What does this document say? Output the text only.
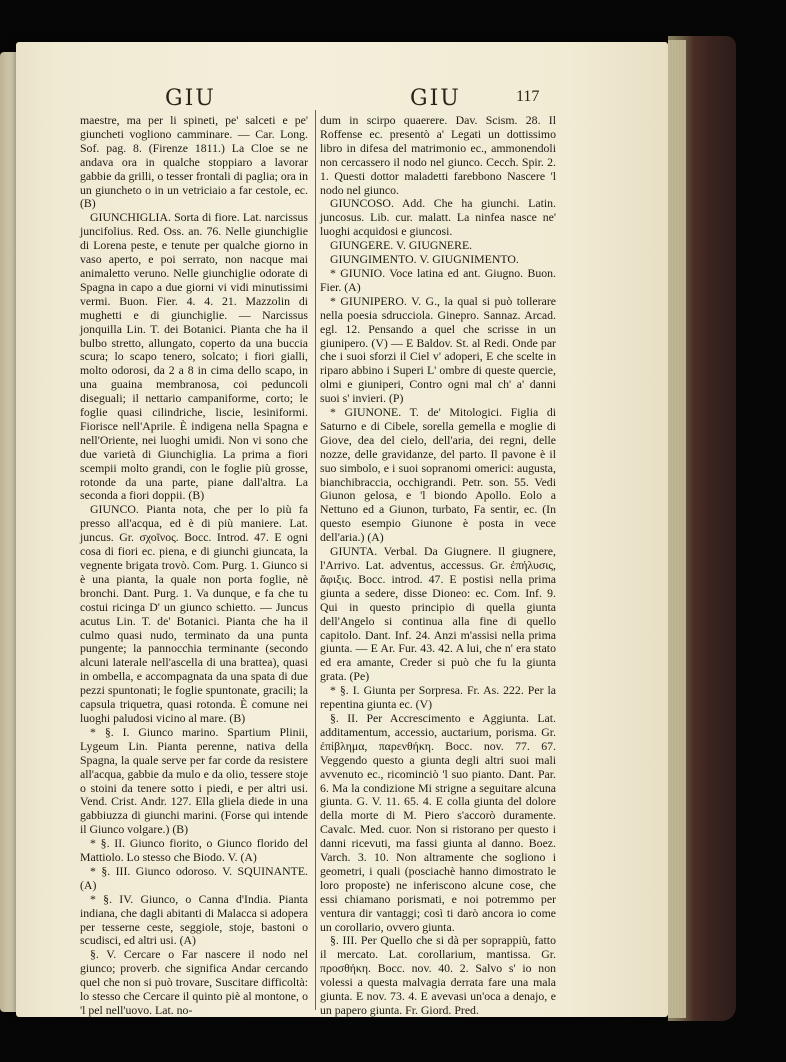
GIU	GIU	117

maestre, ma per li spineti, pe' salceti e pe' giuncheti vogliono camminare. — Car. Long. Sof. pag. 8. (Firenze 1811.) La Cloe se ne andava ora in qualche stoppiaro a lavorar gabbie da grilli, o tesser frontali di paglia; ora in un giuncheto o in un vetriciaio a far cestole, ec. (B)

GIUNCHIGLIA. Sorta di fiore. Lat. narcissus juncifolius. Red. Oss. an. 76. Nelle giunchiglie di Lorena peste, e tenute per qualche giorno in vaso aperto, e poi serrato, non nacque mai animaletto veruno. Nelle giunchiglie odorate di Spagna in capo a due giorni vi vidi minutissimi vermi. Buon. Fier. 4. 4. 21. Mazzolin di mughetti e di giunchiglie. — Narcissus jonquilla Lin. T. dei Botanici. Pianta che ha il bulbo stretto, allungato, coperto da una buccia scura; lo scapo tenero, solcato; i fiori gialli, molto odorosi, da 2 a 8 in cima dello scapo, in una guaina membranosa, coi peduncoli diseguali; il nettario campaniforme, corto; le foglie quasi cilindriche, liscie, lesiniformi. Fiorisce nell'Aprile. È indigena nella Spagna e nell'Oriente, nei luoghi umidi. Non vi sono che due varietà di Giunchiglia. La prima a fiori scempii molto grandi, con le foglie più grosse, rotonde da una parte, piane dall'altra. La seconda a fiori doppii. (B)

GIUNCO. Pianta nota, che per lo più fa presso all'acqua, ed è di più maniere. Lat. juncus. Gr. σχοῖνος. Bocc. Introd. 47. E ogni cosa di fiori ec. piena, e di giunchi giuncata, la vegnente brigata trovò. Com. Purg. 1. Giunco si è una pianta, la quale non porta foglie, nè bronchi. Dant. Purg. 1. Va dunque, e fa che tu costui ricinga D' un giunco schietto. — Juncus acutus Lin. T. de' Botanici. Pianta che ha il culmo quasi nudo, terminato da una punta pungente; la pannocchia terminante (secondo alcuni laterale nell'ascella di una brattea), quasi in ombella, e accompagnata da una spata di due pezzi spuntonati; le foglie spuntonate, gracili; la capsula triquetra, quasi rotonda. È comune nei luoghi paludosi vicino al mare. (B)

* §. I. Giunco marino. Spartium Plinii, Lygeum Lin. Pianta perenne, nativa della Spagna, la quale serve per far corde da resistere all'acqua, gabbie da mulo e da olio, tessere stoje o stoini da tenere sotto i piedi, e per altri usi. Vend. Crist. Andr. 127. Ella gliela diede in una gabbiuzza di giunchi marini. (Forse qui intende il Giunco volgare.) (B)

* §. II. Giunco fiorito, o Giunco florido del Mattiolo. Lo stesso che Biodo. V. (A)

* §. III. Giunco odoroso. V. SQUINANTE. (A)

* §. IV. Giunco, o Canna d'India. Pianta indiana, che dagli abitanti di Malacca si adopera per tesserne ceste, seggiole, stoje, bastoni o scudisci, ed altri usi. (A)

§. V. Cercare o Far nascere il nodo nel giunco; proverb. che significa Andar cercando quel che non si può trovare, Suscitare difficoltà: lo stesso che Cercare il quinto piè al montone, o 'l pel nell'uovo. Lat. no-

dum in scirpo quaerere. Dav. Scism. 28. Il Roffense ec. presentò a' Legati un dottissimo libro in difesa del matrimonio ec., ammonendoli non cercassero il nodo nel giunco. Cecch. Spir. 2. 1. Questi dottor maladetti farebbono Nascere 'l nodo nel giunco.

GIUNCOSO. Add. Che ha giunchi. Latin. juncosus. Lib. cur. malatt. La ninfea nasce ne' luoghi acquidosi e giuncosi.

GIUNGERE. V. GIUGNERE.

GIUNGIMENTO. V. GIUGNIMENTO.

* GIUNIO. Voce latina ed ant. Giugno. Buon. Fier. (A)

* GIUNIPERO. V. G., la qual si può tollerare nella poesia sdrucciola. Ginepro. Sannaz. Arcad. egl. 12. Pensando a quel che scrisse in un giunipero. (V) — E Baldov. St. al Redi. Onde par che i suoi sforzi il Ciel v' adoperi, E che scelte in riparo abbino i Superi L' ombre di queste quercie, olmi e giuniperi, Contro ogni mal ch' a' danni suoi s' invieri. (P)

* GIUNONE. T. de' Mitologici. Figlia di Saturno e di Cibele, sorella gemella e moglie di Giove, dea del cielo, dell'aria, dei regni, delle nozze, delle gravidanze, del parto. Il pavone è il suo simbolo, e i suoi sopranomi omerici: augusta, bianchibraccia, occhigrandi. Petr. son. 55. Vedi Giunon gelosa, e 'l biondo Apollo. Eolo a Nettuno ed a Giunon, turbato, Fa sentir, ec. (In questo esempio Giunone è posta in vece dell'aria.) (A)

GIUNTA. Verbal. Da Giugnere. Il giugnere, l'Arrivo. Lat. adventus, accessus. Gr. ἐπήλυσις, ἄφιξις. Bocc. introd. 47. E postisi nella prima giunta a sedere, disse Dioneo: ec. Com. Inf. 9. Qui in questo principio di quella giunta dell'Angelo si continua alla fine di quello capitolo. Dant. Inf. 24. Anzi m'assisi nella prima giunta. — E Ar. Fur. 43. 42. A lui, che n' era stato ed era amante, Creder si può che fu la giunta grata. (Pe)

* §. I. Giunta per Sorpresa. Fr. As. 222. Per la repentina giunta ec. (V)

§. II. Per Accrescimento e Aggiunta. Lat. additamentum, accessio, auctarium, porisma. Gr. ἐπίβλημα, παρενθήκη. Bocc. nov. 77. 67. Veggendo questo a giunta degli altri suoi mali avvenuto ec., ricominciò 'l suo pianto. Dant. Par. 6. Ma la condizione Mi strigne a seguitare alcuna giunta. G. V. 11. 65. 4. E colla giunta del dolore della morte di M. Piero s'accorò duramente. Cavalc. Med. cuor. Non si ristorano per questo i danni ricevuti, ma fassi giunta al danno. Boez. Varch. 3. 10. Non altramente che sogliono i geometri, i quali (posciachè hanno dimostrato le loro proposte) ne inferiscono alcune cose, che essi chiamano porismati, e noi potremmo per ventura dir vantaggi; così ti darò ancora io come un corollario, ovvero giunta.

§. III. Per Quello che si dà per soprappiù, fatto il mercato. Lat. corollarium, mantissa. Gr. προσθήκη. Bocc. nov. 40. 2. Salvo s' io non volessi a questa malvagia derrata fare una mala giunta. E nov. 73. 4. E avevasi un'oca a denajo, e un papero giunta. Fr. Giord. Pred.
